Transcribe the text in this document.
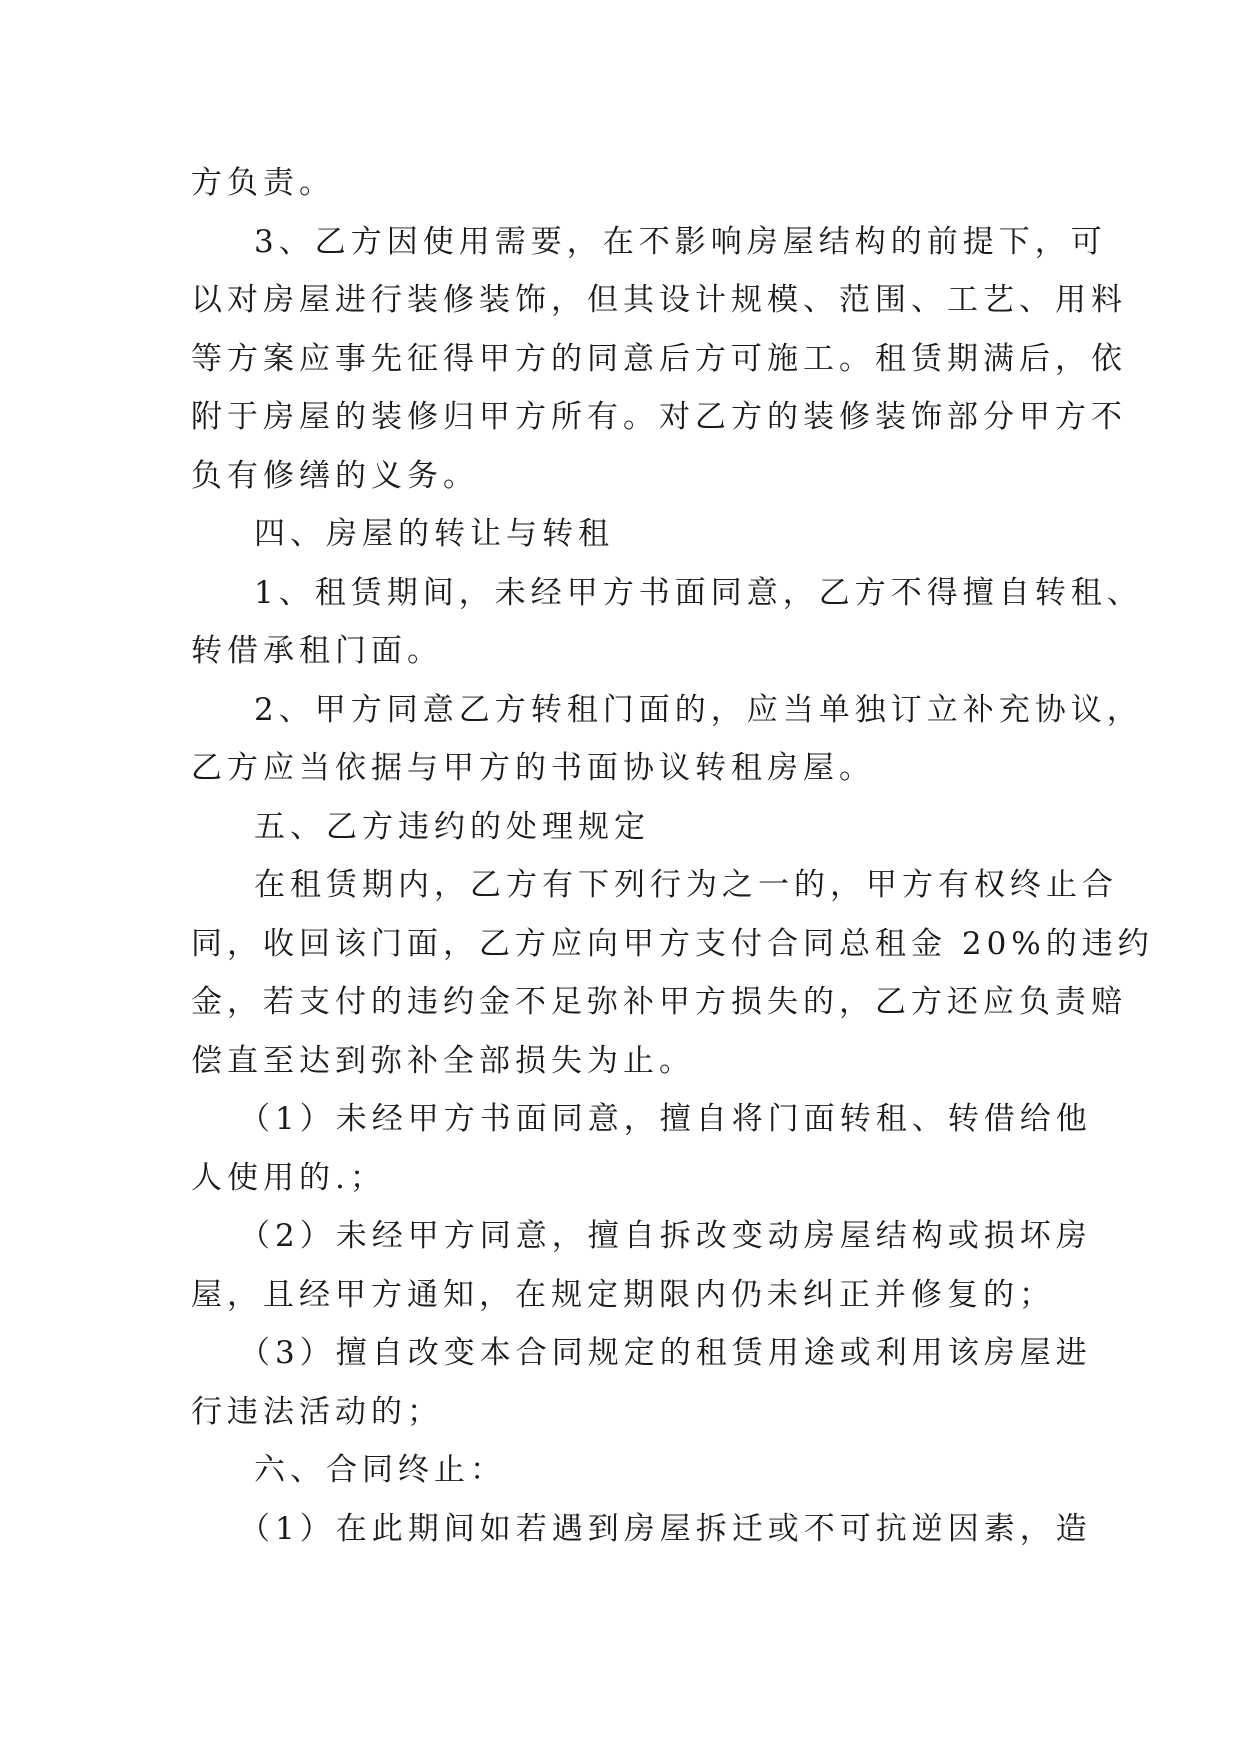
方负责。
3、乙方因使用需要，在不影响房屋结构的前提下，可
以对房屋进行装修装饰，但其设计规模、范围、工艺、用料
等方案应事先征得甲方的同意后方可施工。租赁期满后，依
附于房屋的装修归甲方所有。对乙方的装修装饰部分甲方不
负有修缮的义务。
四、房屋的转让与转租
1、租赁期间，未经甲方书面同意，乙方不得擅自转租、
转借承租门面。
2、甲方同意乙方转租门面的，应当单独订立补充协议，
乙方应当依据与甲方的书面协议转租房屋。
五、乙方违约的处理规定
在租赁期内，乙方有下列行为之一的，甲方有权终止合
同，收回该门面，乙方应向甲方支付合同总租金 20%的违约
金，若支付的违约金不足弥补甲方损失的，乙方还应负责赔
偿直至达到弥补全部损失为止。
（1）未经甲方书面同意，擅自将门面转租、转借给他
人使用的.；
（2）未经甲方同意，擅自拆改变动房屋结构或损坏房
屋，且经甲方通知，在规定期限内仍未纠正并修复的；
（3）擅自改变本合同规定的租赁用途或利用该房屋进
行违法活动的；
六、合同终止：
（1）在此期间如若遇到房屋拆迁或不可抗逆因素，造
